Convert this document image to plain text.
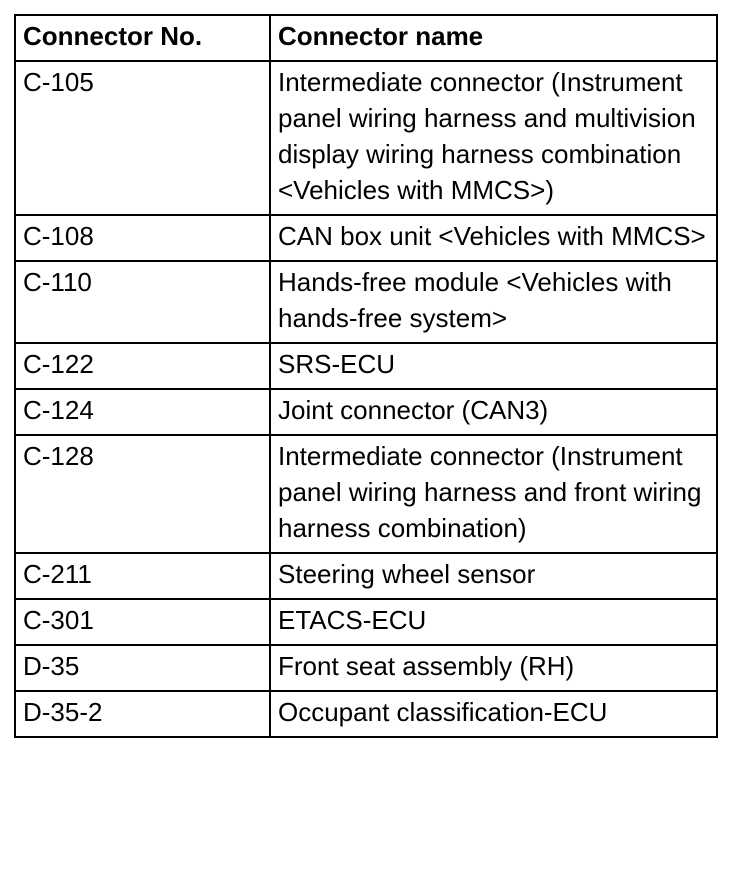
Connector No.	Connector name
C-105	Intermediate connector (Instrument panel wiring harness and multivision display wiring harness combination <Vehicles with MMCS>)
C-108	CAN box unit <Vehicles with MMCS>
C-110	Hands-free module <Vehicles with hands-free system>
C-122	SRS-ECU
C-124	Joint connector (CAN3)
C-128	Intermediate connector (Instrument panel wiring harness and front wiring harness combination)
C-211	Steering wheel sensor
C-301	ETACS-ECU
D-35	Front seat assembly (RH)
D-35-2	Occupant classification-ECU
